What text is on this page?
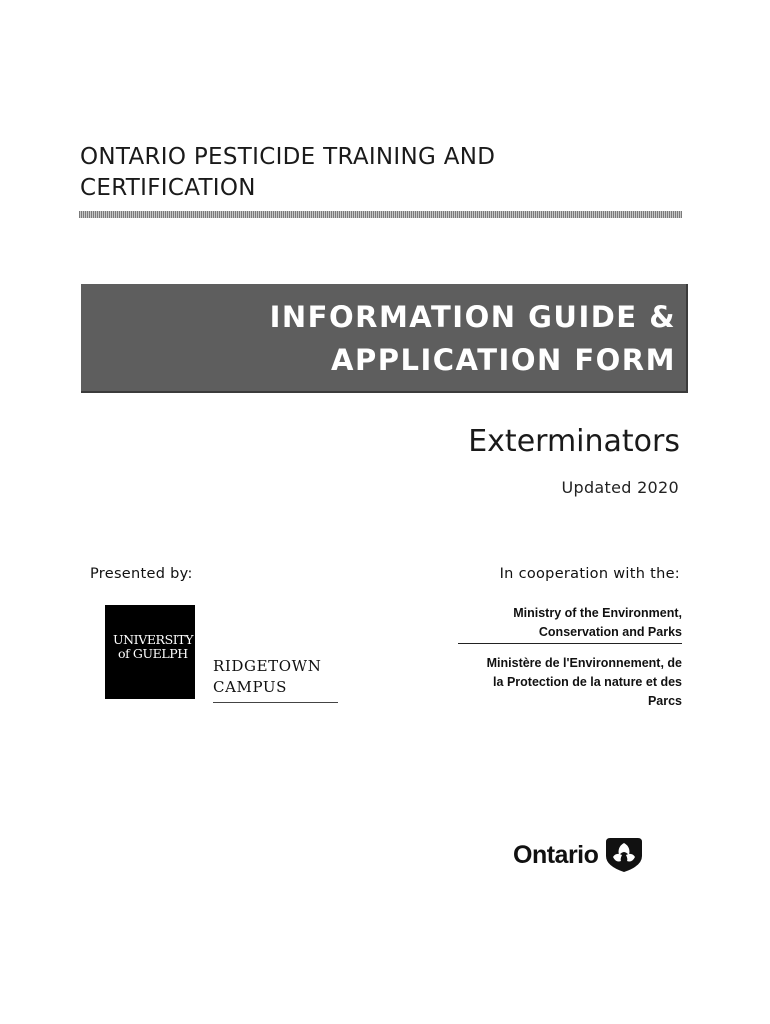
ONTARIO PESTICIDE TRAINING AND
CERTIFICATION
INFORMATION GUIDE &
APPLICATION FORM
Exterminators
Updated 2020
Presented by:	In cooperation with the:
UNIVERSITY
of GUELPH
RIDGETOWN
CAMPUS
Ministry of the Environment,
Conservation and Parks
Ministère de l'Environnement, de
la Protection de la nature et des
Parcs
Ontario
